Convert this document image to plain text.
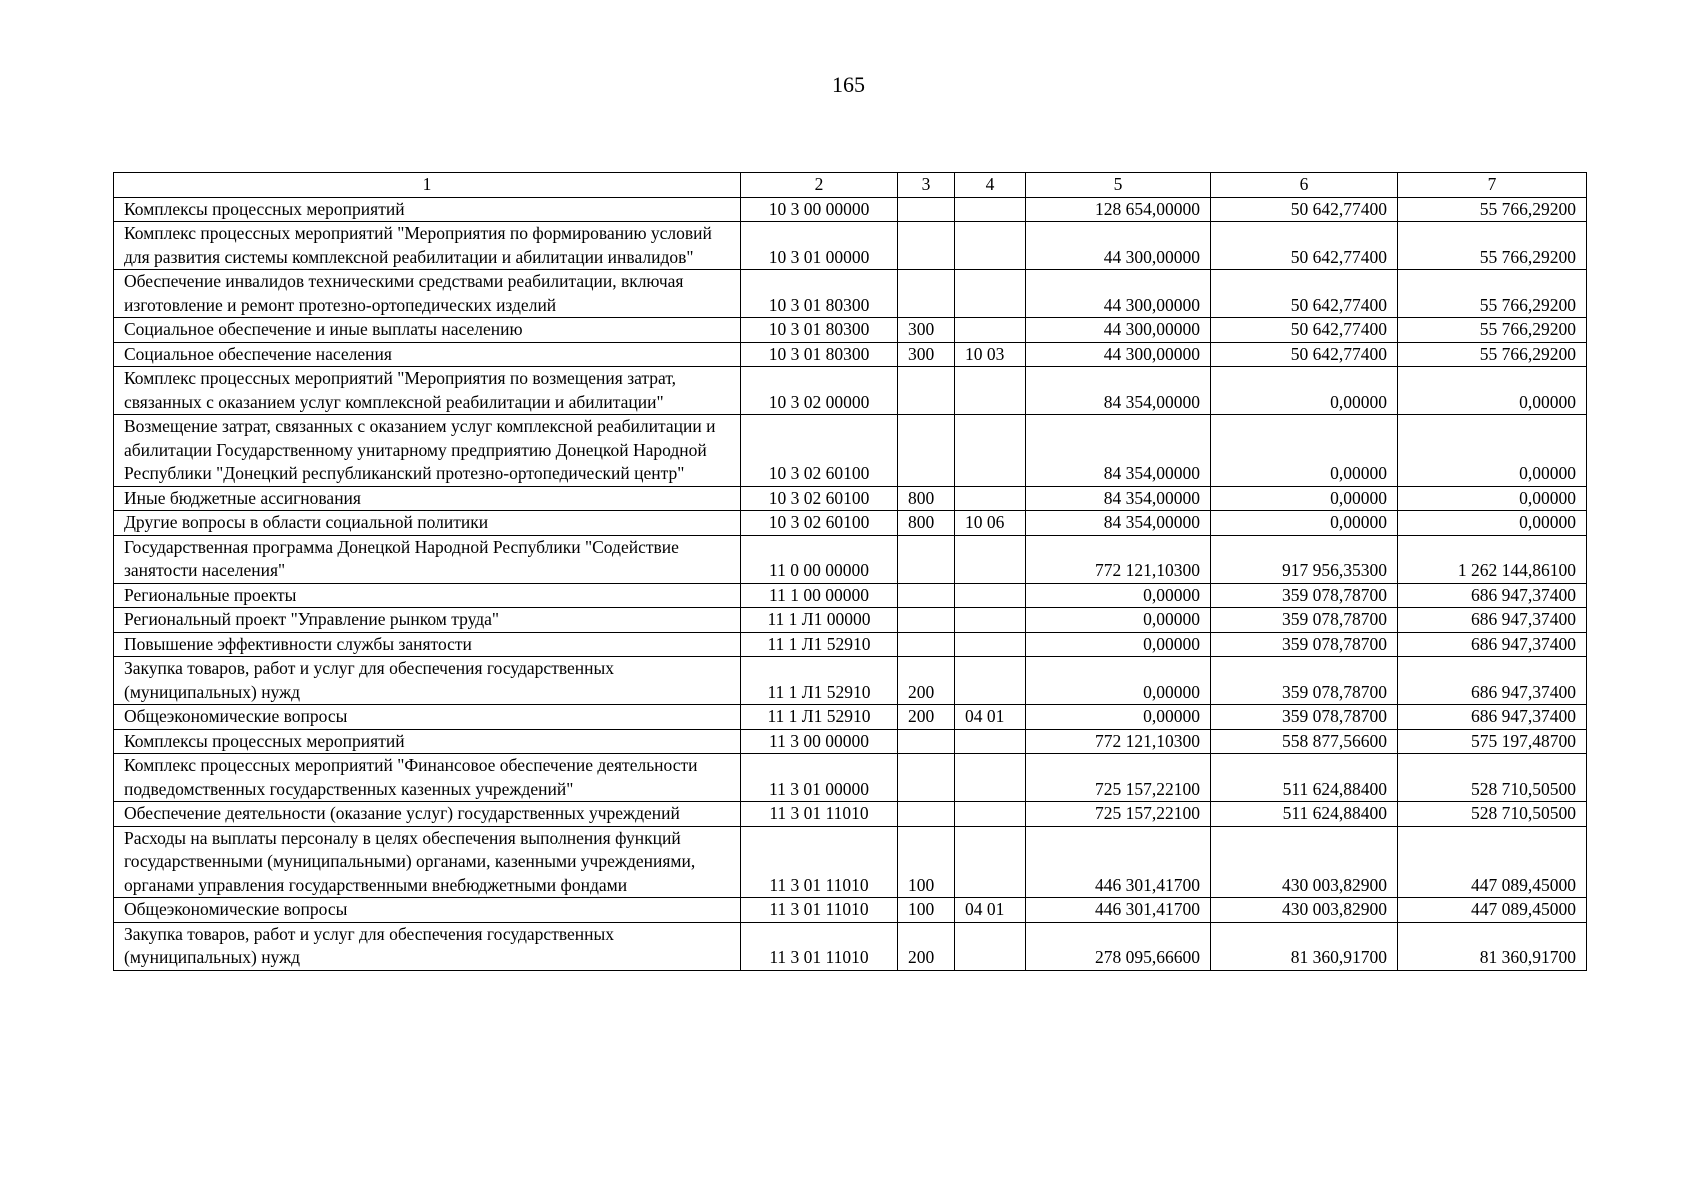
165
1	2	3	4	5	6	7
Комплексы процессных мероприятий	10 3 00 00000			128 654,00000	50 642,77400	55 766,29200
Комплекс процессных мероприятий "Мероприятия по формированию условий для развития системы комплексной реабилитации и абилитации инвалидов"	10 3 01 00000			44 300,00000	50 642,77400	55 766,29200
Обеспечение инвалидов техническими средствами реабилитации, включая изготовление и ремонт протезно-ортопедических изделий	10 3 01 80300			44 300,00000	50 642,77400	55 766,29200
Социальное обеспечение и иные выплаты населению	10 3 01 80300	300		44 300,00000	50 642,77400	55 766,29200
Социальное обеспечение населения	10 3 01 80300	300	10 03	44 300,00000	50 642,77400	55 766,29200
Комплекс процессных мероприятий "Мероприятия по возмещения затрат, связанных с оказанием услуг комплексной реабилитации и абилитации"	10 3 02 00000			84 354,00000	0,00000	0,00000
Возмещение затрат, связанных с оказанием услуг комплексной реабилитации и абилитации Государственному унитарному предприятию Донецкой Народной Республики "Донецкий республиканский протезно-ортопедический центр"	10 3 02 60100			84 354,00000	0,00000	0,00000
Иные бюджетные ассигнования	10 3 02 60100	800		84 354,00000	0,00000	0,00000
Другие вопросы в области социальной политики	10 3 02 60100	800	10 06	84 354,00000	0,00000	0,00000
Государственная программа Донецкой Народной Республики "Содействие занятости населения"	11 0 00 00000			772 121,10300	917 956,35300	1 262 144,86100
Региональные проекты	11 1 00 00000			0,00000	359 078,78700	686 947,37400
Региональный проект "Управление рынком труда"	11 1 Л1 00000			0,00000	359 078,78700	686 947,37400
Повышение эффективности службы занятости	11 1 Л1 52910			0,00000	359 078,78700	686 947,37400
Закупка товаров, работ и услуг для обеспечения государственных (муниципальных) нужд	11 1 Л1 52910	200		0,00000	359 078,78700	686 947,37400
Общеэкономические вопросы	11 1 Л1 52910	200	04 01	0,00000	359 078,78700	686 947,37400
Комплексы процессных мероприятий	11 3 00 00000			772 121,10300	558 877,56600	575 197,48700
Комплекс процессных мероприятий "Финансовое обеспечение деятельности подведомственных государственных казенных учреждений"	11 3 01 00000			725 157,22100	511 624,88400	528 710,50500
Обеспечение деятельности (оказание услуг) государственных учреждений	11 3 01 11010			725 157,22100	511 624,88400	528 710,50500
Расходы на выплаты персоналу в целях обеспечения выполнения функций государственными (муниципальными) органами, казенными учреждениями, органами управления государственными внебюджетными фондами	11 3 01 11010	100		446 301,41700	430 003,82900	447 089,45000
Общеэкономические вопросы	11 3 01 11010	100	04 01	446 301,41700	430 003,82900	447 089,45000
Закупка товаров, работ и услуг для обеспечения государственных (муниципальных) нужд	11 3 01 11010	200		278 095,66600	81 360,91700	81 360,91700
